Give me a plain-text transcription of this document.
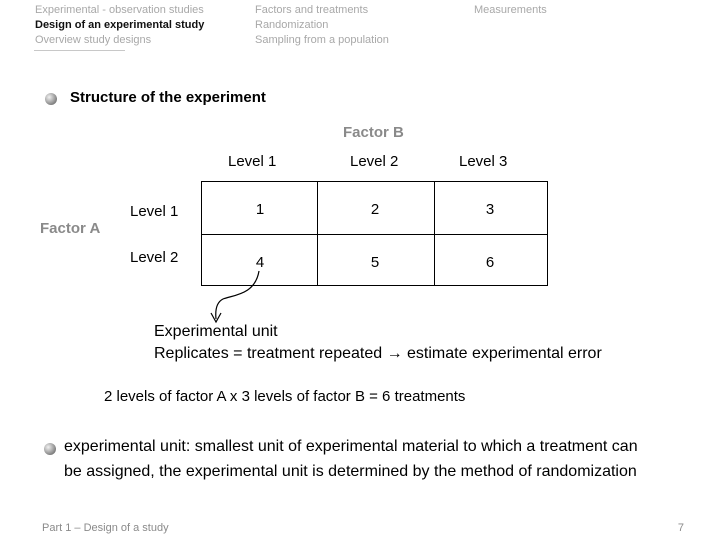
Experimental - observation studies
Design of an experimental study
Overview study designs
Factors and treatments
Randomization
Sampling from a population
Measurements
Structure of the experiment
Factor B
Factor A
Level 1	Level 2	Level 3
Level 1
Level 2
1	2	3
4	5	6
Experimental unit
Replicates = treatment repeated → estimate experimental error
2 levels of factor A x 3 levels of factor B = 6 treatments
experimental unit: smallest unit of experimental material to which a treatment can
be assigned, the experimental unit is determined by the method of randomization
Part 1 – Design of a study	7
